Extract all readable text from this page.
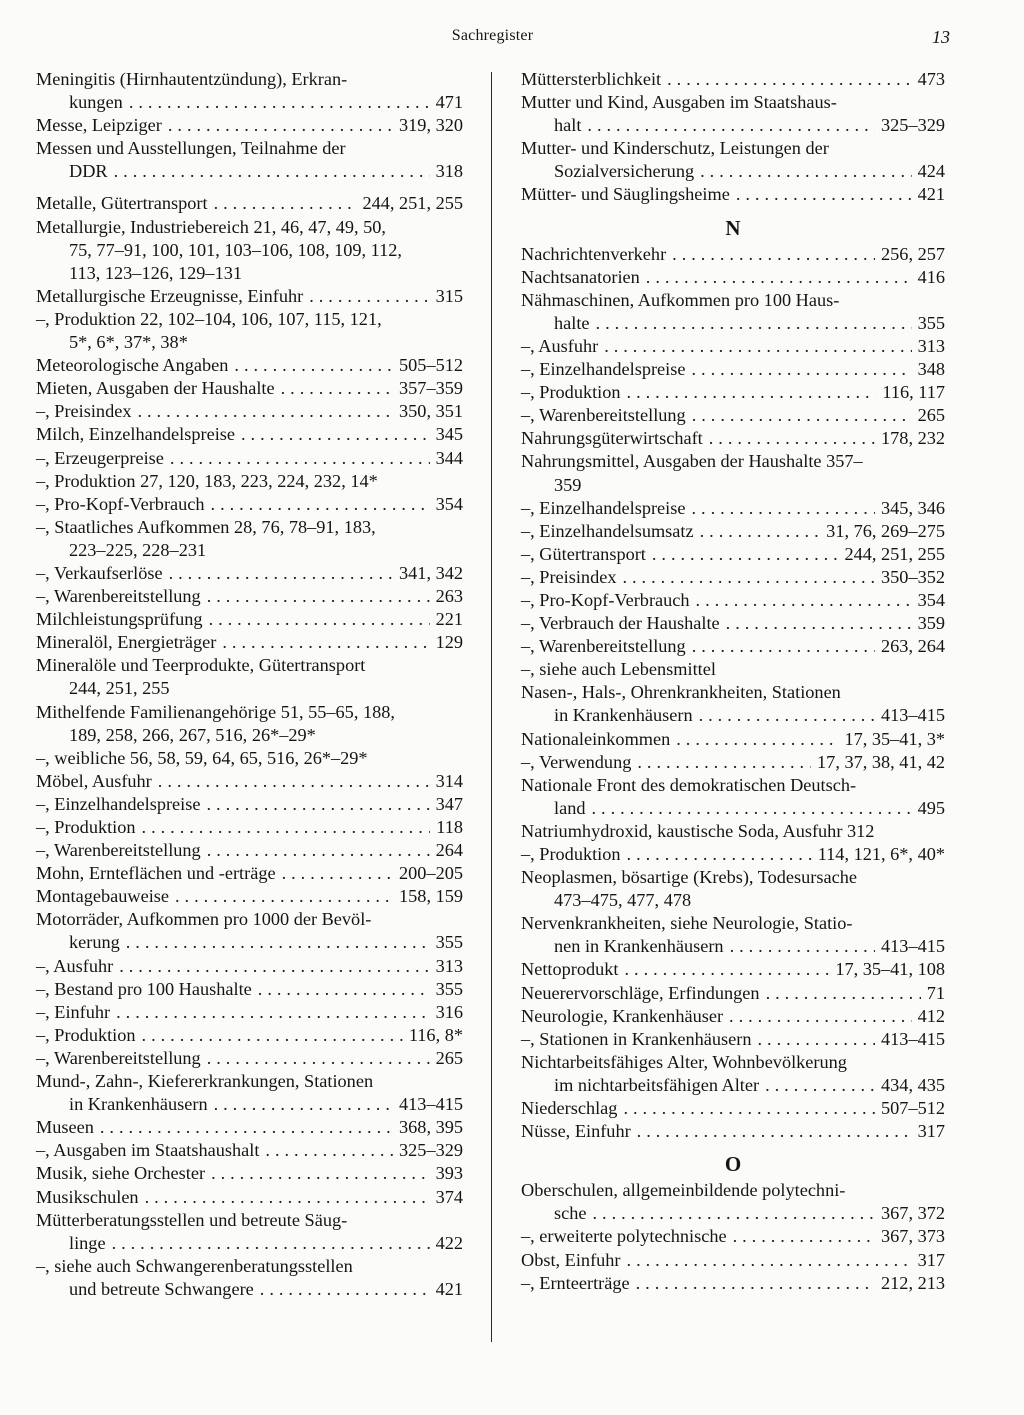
Sachregister	13
Meningitis (Hirnhautentzündung), Erkran-
kungen . . .	471
Messe, Leipziger . . .	319, 320
Messen und Ausstellungen, Teilnahme der
DDR . . .	318
Metalle, Gütertransport . . .	244, 251, 255
Metallurgie, Industriebereich 21, 46, 47, 49, 50,
75, 77–91, 100, 101, 103–106, 108, 109, 112,
113, 123–126, 129–131
Metallurgische Erzeugnisse, Einfuhr . . .	315
–, Produktion 22, 102–104, 106, 107, 115, 121,
5*, 6*, 37*, 38*
Meteorologische Angaben . . .	505–512
Mieten, Ausgaben der Haushalte . . .	357–359
–, Preisindex . . .	350, 351
Milch, Einzelhandelspreise . . .	345
–, Erzeugerpreise . . .	344
–, Produktion 27, 120, 183, 223, 224, 232, 14*
–, Pro-Kopf-Verbrauch . . .	354
–, Staatliches Aufkommen 28, 76, 78–91, 183,
223–225, 228–231
–, Verkaufserlöse . . .	341, 342
–, Warenbereitstellung . . .	263
Milchleistungsprüfung . . .	221
Mineralöl, Energieträger . . .	129
Mineralöle und Teerprodukte, Gütertransport
244, 251, 255
Mithelfende Familienangehörige 51, 55–65, 188,
189, 258, 266, 267, 516, 26*–29*
–, weibliche 56, 58, 59, 64, 65, 516, 26*–29*
Möbel, Ausfuhr . . .	314
–, Einzelhandelspreise . . .	347
–, Produktion . . .	118
–, Warenbereitstellung . . .	264
Mohn, Ernteflächen und -erträge . . .	200–205
Montagebauweise . . .	158, 159
Motorräder, Aufkommen pro 1000 der Bevöl-
kerung . . .	355
–, Ausfuhr . . .	313
–, Bestand pro 100 Haushalte . . .	355
–, Einfuhr . . .	316
–, Produktion . . .	116, 8*
–, Warenbereitstellung . . .	265
Mund-, Zahn-, Kiefererkrankungen, Stationen
in Krankenhäusern . . .	413–415
Museen . . .	368, 395
–, Ausgaben im Staatshaushalt . . .	325–329
Musik, siehe Orchester . . .	393
Musikschulen . . .	374
Mütterberatungsstellen und betreute Säug-
linge . . .	422
–, siehe auch Schwangerenberatungsstellen
und betreute Schwangere . . .	421
Müttersterblichkeit . . .	473
Mutter und Kind, Ausgaben im Staatshaus-
halt . . .	325–329
Mutter- und Kinderschutz, Leistungen der
Sozialversicherung . . .	424
Mütter- und Säuglingsheime . . .	421
N
Nachrichtenverkehr . . .	256, 257
Nachtsanatorien . . .	416
Nähmaschinen, Aufkommen pro 100 Haus-
halte . . .	355
–, Ausfuhr . . .	313
–, Einzelhandelspreise . . .	348
–, Produktion . . .	116, 117
–, Warenbereitstellung . . .	265
Nahrungsgüterwirtschaft . . .	178, 232
Nahrungsmittel, Ausgaben der Haushalte 357–
359
–, Einzelhandelspreise . . .	345, 346
–, Einzelhandelsumsatz . . .	31, 76, 269–275
–, Gütertransport . . .	244, 251, 255
–, Preisindex . . .	350–352
–, Pro-Kopf-Verbrauch . . .	354
–, Verbrauch der Haushalte . . .	359
–, Warenbereitstellung . . .	263, 264
–, siehe auch Lebensmittel
Nasen-, Hals-, Ohrenkrankheiten, Stationen
in Krankenhäusern . . .	413–415
Nationaleinkommen . . .	17, 35–41, 3*
–, Verwendung . . .	17, 37, 38, 41, 42
Nationale Front des demokratischen Deutsch-
land . . .	495
Natriumhydroxid, kaustische Soda, Ausfuhr 312
–, Produktion . . .	114, 121, 6*, 40*
Neoplasmen, bösartige (Krebs), Todesursache
473–475, 477, 478
Nervenkrankheiten, siehe Neurologie, Statio-
nen in Krankenhäusern . . .	413–415
Nettoprodukt . . .	17, 35–41, 108
Neuerervorschläge, Erfindungen . . .	71
Neurologie, Krankenhäuser . . .	412
–, Stationen in Krankenhäusern . . .	413–415
Nichtarbeitsfähiges Alter, Wohnbevölkerung
im nichtarbeitsfähigen Alter . . .	434, 435
Niederschlag . . .	507–512
Nüsse, Einfuhr . . .	317
O
Oberschulen, allgemeinbildende polytechni-
sche . . .	367, 372
–, erweiterte polytechnische . . .	367, 373
Obst, Einfuhr . . .	317
–, Ernteerträge . . .	212, 213
